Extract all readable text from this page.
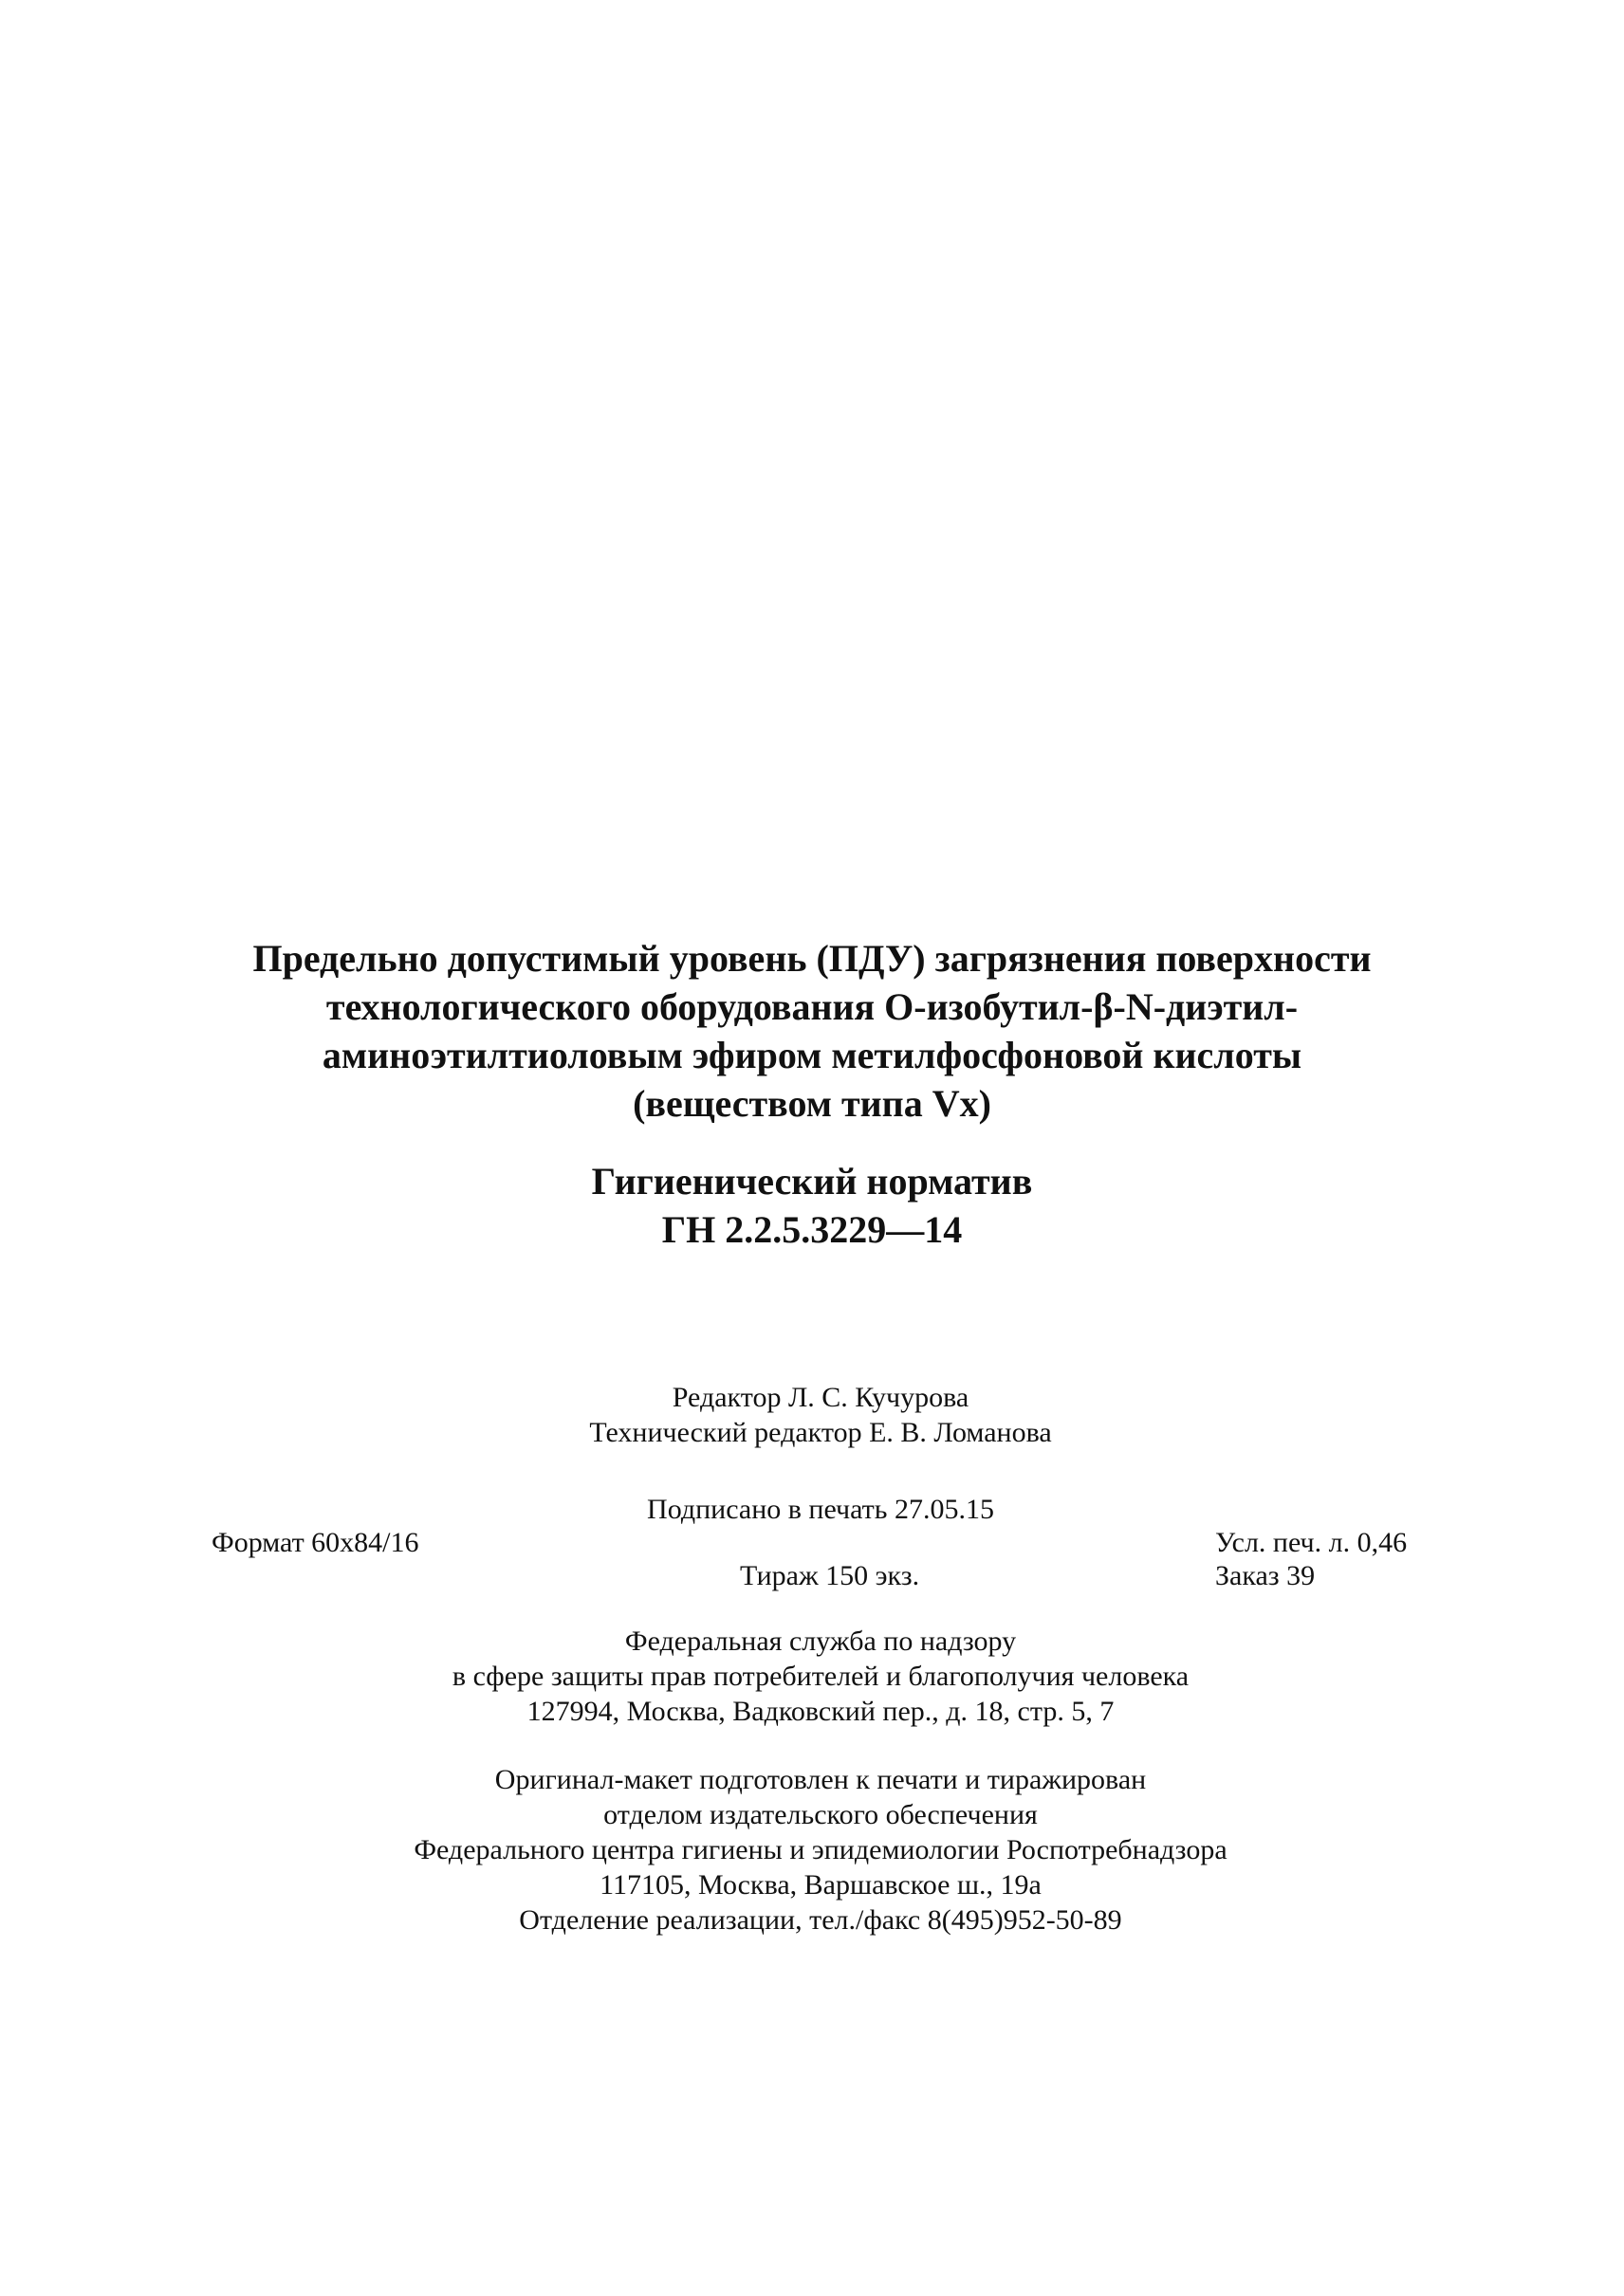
Предельно допустимый уровень (ПДУ) загрязнения поверхности
технологического оборудования О-изобутил-β-N-диэтил-
аминоэтилтиоловым эфиром метилфосфоновой кислоты
(веществом типа Vx)
Гигиенический норматив
ГН 2.2.5.3229—14
Редактор Л. С. Кучурова
Технический редактор Е. В. Ломанова
Подписано в печать 27.05.15
Формат 60x84/16	Усл. печ. л. 0,46
Тираж 150 экз.	Заказ 39
Федеральная служба по надзору
в сфере защиты прав потребителей и благополучия человека
127994, Москва, Вадковский пер., д. 18, стр. 5, 7
Оригинал-макет подготовлен к печати и тиражирован
отделом издательского обеспечения
Федерального центра гигиены и эпидемиологии Роспотребнадзора
117105, Москва, Варшавское ш., 19а
Отделение реализации, тел./факс 8(495)952-50-89
